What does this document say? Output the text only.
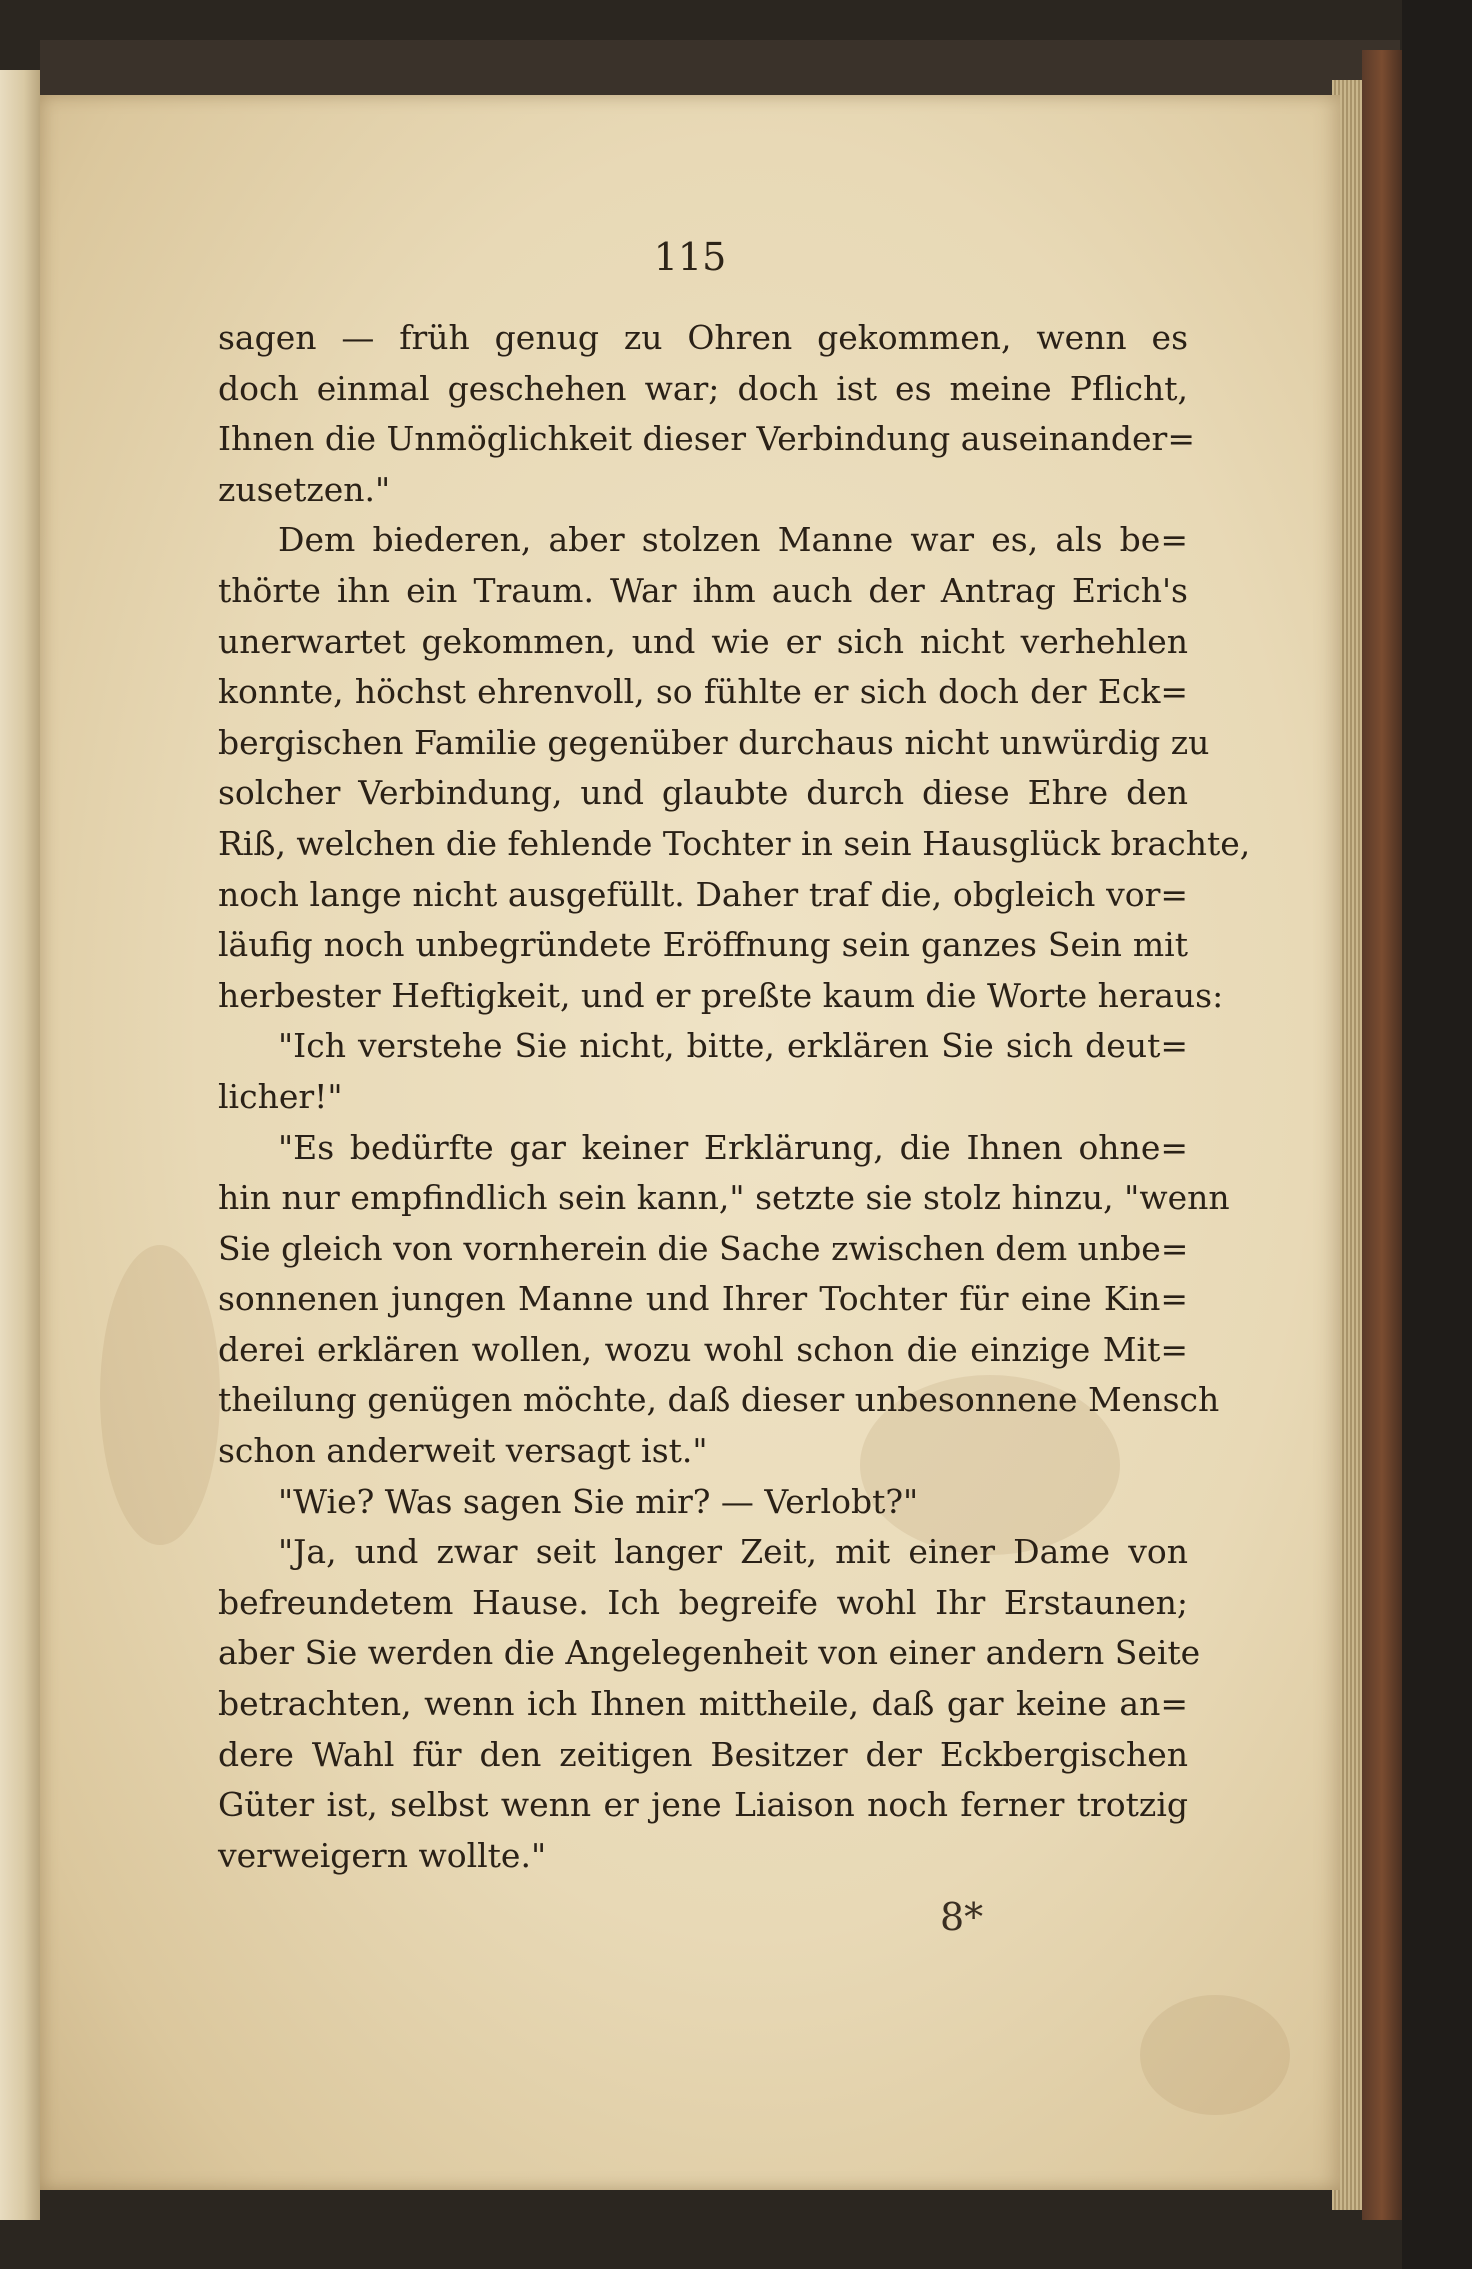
115
sagen — früh genug zu Ohren gekommen, wenn es
doch einmal geschehen war; doch ist es meine Pflicht,
Ihnen die Unmöglichkeit dieser Verbindung auseinander=
zusetzen."
Dem biederen, aber stolzen Manne war es, als be=
thörte ihn ein Traum. War ihm auch der Antrag Erich's
unerwartet gekommen, und wie er sich nicht verhehlen
konnte, höchst ehrenvoll, so fühlte er sich doch der Eck=
bergischen Familie gegenüber durchaus nicht unwürdig zu
solcher Verbindung, und glaubte durch diese Ehre den
Riß, welchen die fehlende Tochter in sein Hausglück brachte,
noch lange nicht ausgefüllt. Daher traf die, obgleich vor=
läufig noch unbegründete Eröffnung sein ganzes Sein mit
herbester Heftigkeit, und er preßte kaum die Worte heraus:
"Ich verstehe Sie nicht, bitte, erklären Sie sich deut=
licher!"
"Es bedürfte gar keiner Erklärung, die Ihnen ohne=
hin nur empfindlich sein kann," setzte sie stolz hinzu, "wenn
Sie gleich von vornherein die Sache zwischen dem unbe=
sonnenen jungen Manne und Ihrer Tochter für eine Kin=
derei erklären wollen, wozu wohl schon die einzige Mit=
theilung genügen möchte, daß dieser unbesonnene Mensch
schon anderweit versagt ist."
"Wie? Was sagen Sie mir? — Verlobt?"
"Ja, und zwar seit langer Zeit, mit einer Dame von
befreundetem Hause. Ich begreife wohl Ihr Erstaunen;
aber Sie werden die Angelegenheit von einer andern Seite
betrachten, wenn ich Ihnen mittheile, daß gar keine an=
dere Wahl für den zeitigen Besitzer der Eckbergischen
Güter ist, selbst wenn er jene Liaison noch ferner trotzig
verweigern wollte."
8*
